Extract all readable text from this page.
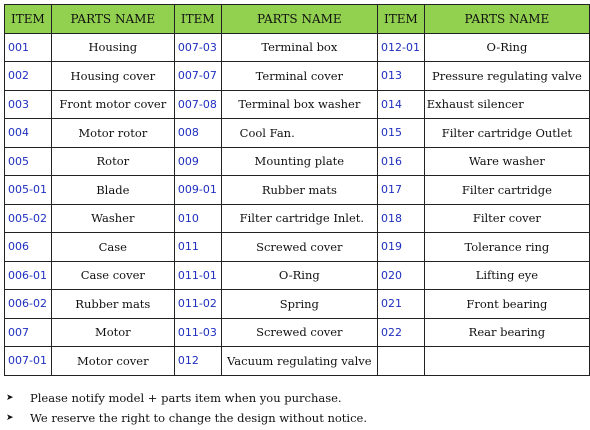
ITEM	PARTS NAME	ITEM	PARTS NAME	ITEM	PARTS NAME
001	Housing	007-03	Terminal box	012-01	O-Ring
002	Housing cover	007-07	Terminal cover	013	Pressure regulating valve
003	Front motor cover	007-08	Terminal box washer	014	Exhaust silencer
004	Motor rotor	008	Cool Fan.	015	Filter cartridge Outlet
005	Rotor	009	Mounting plate	016	Ware washer
005-01	Blade	009-01	Rubber mats	017	Filter cartridge
005-02	Washer	010	Filter cartridge Inlet.	018	Filter cover
006	Case	011	Screwed cover	019	Tolerance ring
006-01	Case cover	011-01	O-Ring	020	Lifting eye
006-02	Rubber mats	011-02	Spring	021	Front bearing
007	Motor	011-03	Screwed cover	022	Rear bearing
007-01	Motor cover	012	Vacuum regulating valve		
➤	Please notify model + parts item when you purchase.
➤	We reserve the right to change the design without notice.
